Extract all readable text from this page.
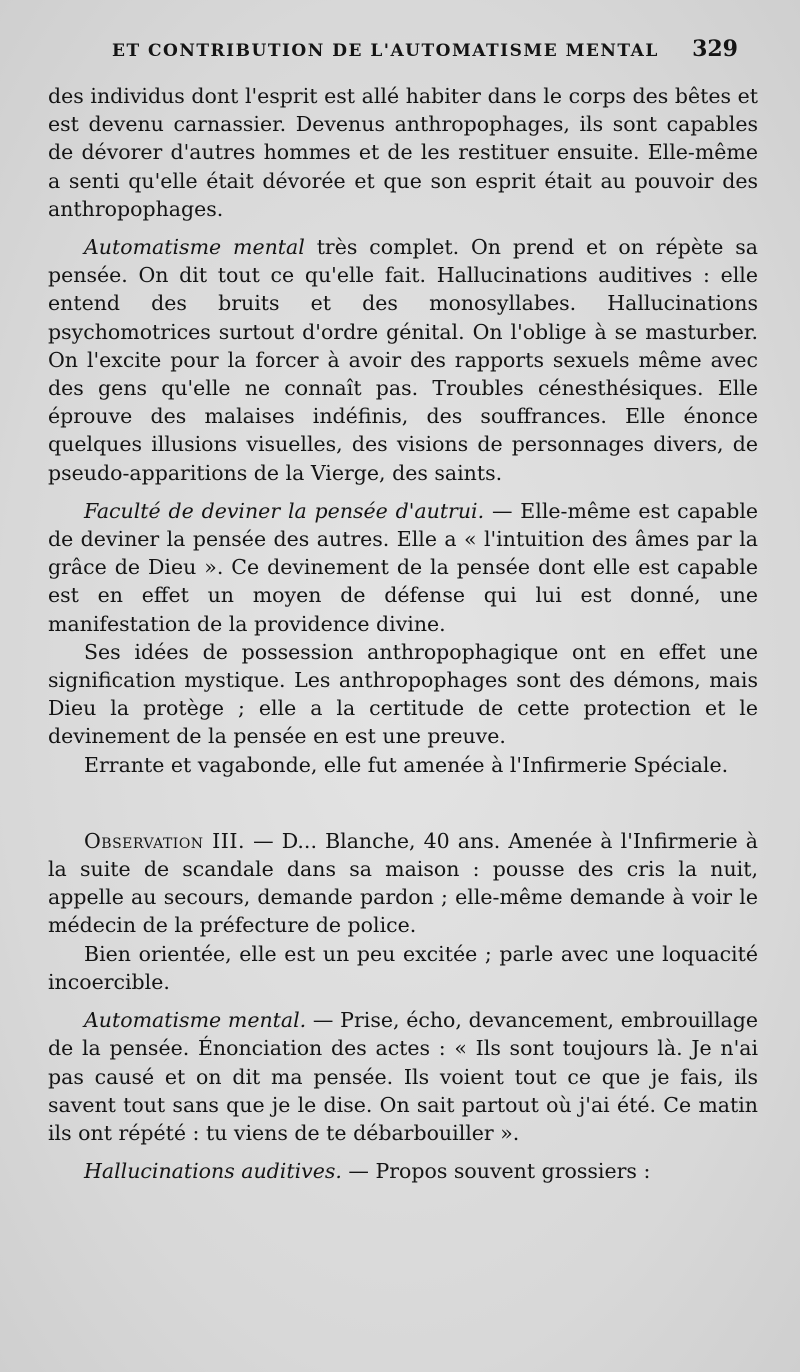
ET CONTRIBUTION DE L'AUTOMATISME MENTAL 329

des individus dont l'esprit est allé habiter dans le corps des bêtes et est devenu carnassier. Devenus anthropophages, ils sont capables de dévorer d'autres hommes et de les restituer ensuite. Elle-même a senti qu'elle était dévorée et que son esprit était au pouvoir des anthropophages.

Automatisme mental très complet. On prend et on répète sa pensée. On dit tout ce qu'elle fait. Hallucinations auditives : elle entend des bruits et des monosyllabes. Hallucinations psychomotrices surtout d'ordre génital. On l'oblige à se masturber. On l'excite pour la forcer à avoir des rapports sexuels même avec des gens qu'elle ne connaît pas. Troubles cénesthésiques. Elle éprouve des malaises indéfinis, des souffrances. Elle énonce quelques illusions visuelles, des visions de personnages divers, de pseudo-apparitions de la Vierge, des saints.

Faculté de deviner la pensée d'autrui. — Elle-même est capable de deviner la pensée des autres. Elle a « l'intuition des âmes par la grâce de Dieu ». Ce devinement de la pensée dont elle est capable est en effet un moyen de défense qui lui est donné, une manifestation de la providence divine.

Ses idées de possession anthropophagique ont en effet une signification mystique. Les anthropophages sont des démons, mais Dieu la protège ; elle a la certitude de cette protection et le devinement de la pensée en est une preuve.

Errante et vagabonde, elle fut amenée à l'Infirmerie Spéciale.

Observation III. — D... Blanche, 40 ans. Amenée à l'Infirmerie à la suite de scandale dans sa maison : pousse des cris la nuit, appelle au secours, demande pardon ; elle-même demande à voir le médecin de la préfecture de police.

Bien orientée, elle est un peu excitée ; parle avec une loquacité incoercible.

Automatisme mental. — Prise, écho, devancement, embrouillage de la pensée. Énonciation des actes : « Ils sont toujours là. Je n'ai pas causé et on dit ma pensée. Ils voient tout ce que je fais, ils savent tout sans que je le dise. On sait partout où j'ai été. Ce matin ils ont répété : tu viens de te débarbouiller ».

Hallucinations auditives. — Propos souvent grossiers :
